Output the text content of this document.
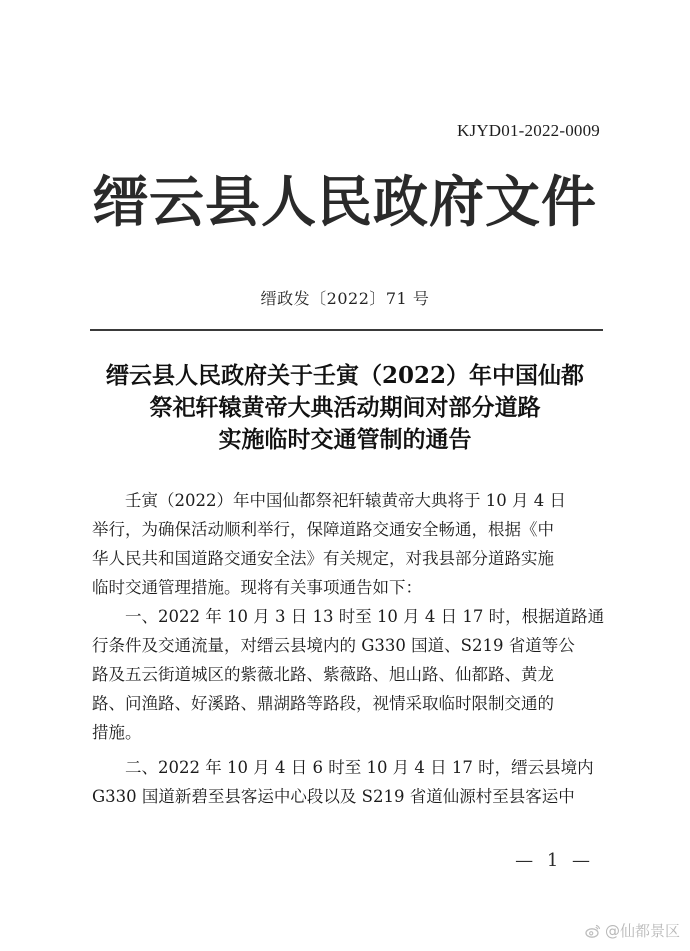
KJYD01-2022-0009
缙云县人民政府文件
缙政发〔2022〕71 号
缙云县人民政府关于壬寅（2022）年中国仙都
祭祀轩辕黄帝大典活动期间对部分道路
实施临时交通管制的通告
壬寅（2022）年中国仙都祭祀轩辕黄帝大典将于 10 月 4 日
举行，为确保活动顺利举行，保障道路交通安全畅通，根据《中
华人民共和国道路交通安全法》有关规定，对我县部分道路实施
临时交通管理措施。现将有关事项通告如下：
一、2022 年 10 月 3 日 13 时至 10 月 4 日 17 时，根据道路通
行条件及交通流量，对缙云县境内的 G330 国道、S219 省道等公
路及五云街道城区的紫薇北路、紫薇路、旭山路、仙都路、黄龙
路、问渔路、好溪路、鼎湖路等路段，视情采取临时限制交通的
措施。
二、2022 年 10 月 4 日 6 时至 10 月 4 日 17 时，缙云县境内
G330 国道新碧至县客运中心段以及 S219 省道仙源村至县客运中
— 1 —
@仙都景区
